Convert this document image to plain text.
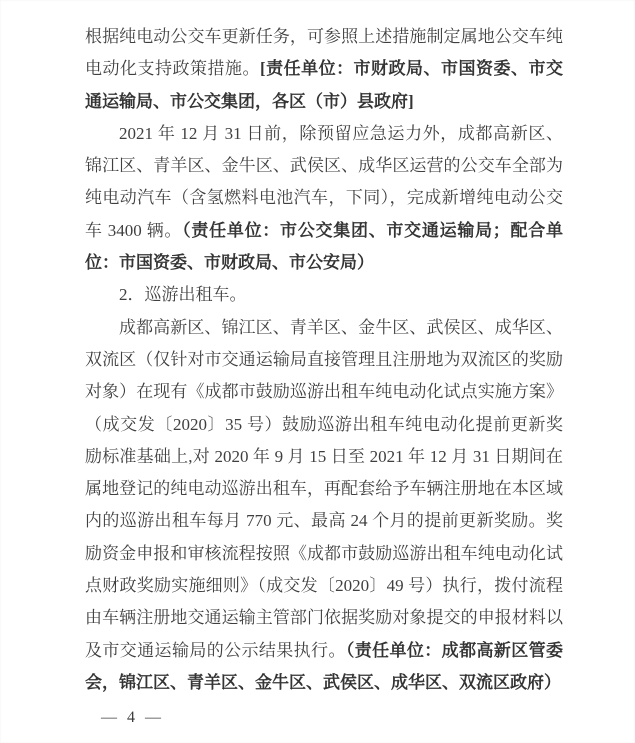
根据纯电动公交车更新任务，可参照上述措施制定属地公交车纯电动化支持政策措施。[责任单位：市财政局、市国资委、市交通运输局、市公交集团，各区（市）县政府]

2021 年 12 月 31 日前，除预留应急运力外，成都高新区、锦江区、青羊区、金牛区、武侯区、成华区运营的公交车全部为纯电动汽车（含氢燃料电池汽车，下同），完成新增纯电动公交车 3400 辆。（责任单位：市公交集团、市交通运输局；配合单位：市国资委、市财政局、市公安局）

2．巡游出租车。

成都高新区、锦江区、青羊区、金牛区、武侯区、成华区、双流区（仅针对市交通运输局直接管理且注册地为双流区的奖励对象）在现有《成都市鼓励巡游出租车纯电动化试点实施方案》（成交发〔2020〕35 号）鼓励巡游出租车纯电动化提前更新奖励标准基础上,对 2020 年 9 月 15 日至 2021 年 12 月 31 日期间在属地登记的纯电动巡游出租车，再配套给予车辆注册地在本区域内的巡游出租车每月 770 元、最高 24 个月的提前更新奖励。奖励资金申报和审核流程按照《成都市鼓励巡游出租车纯电动化试点财政奖励实施细则》（成交发〔2020〕49 号）执行，拨付流程由车辆注册地交通运输主管部门依据奖励对象提交的申报材料以及市交通运输局的公示结果执行。（责任单位：成都高新区管委会，锦江区、青羊区、金牛区、武侯区、成华区、双流区政府）

— 4 —
